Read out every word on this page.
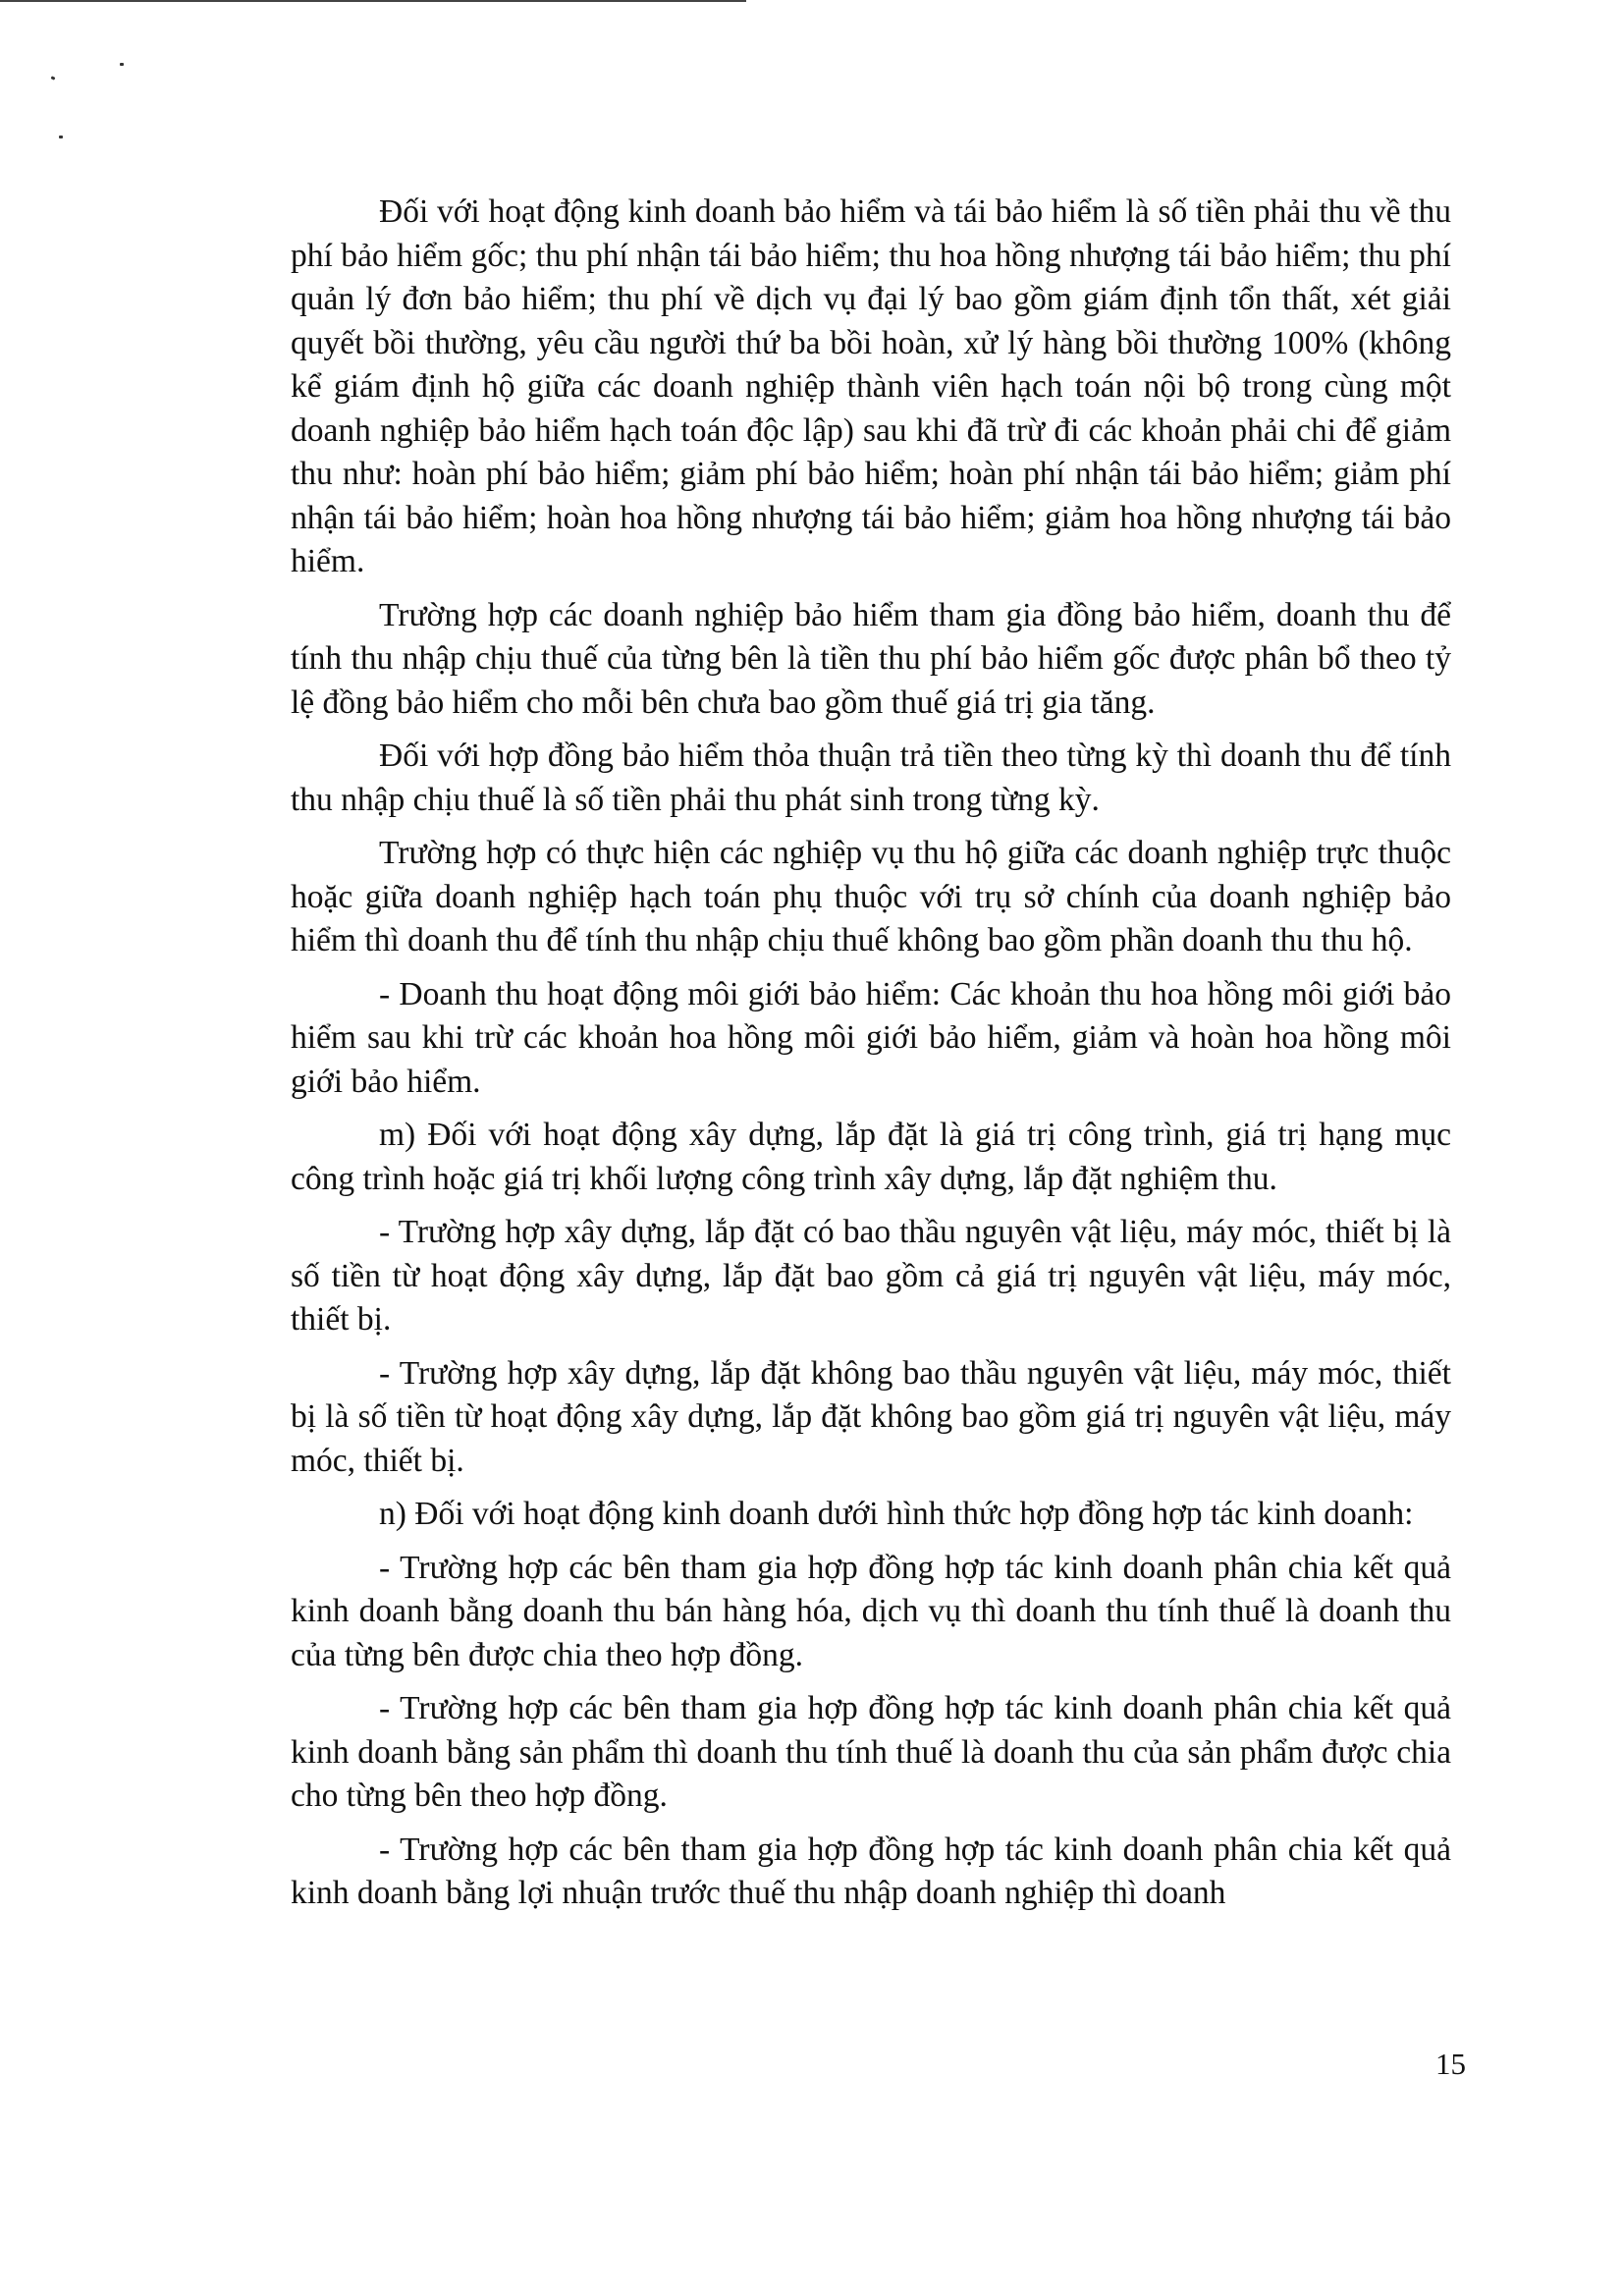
Đối với hoạt động kinh doanh bảo hiểm và tái bảo hiểm là số tiền phải thu về thu phí bảo hiểm gốc; thu phí nhận tái bảo hiểm; thu hoa hồng nhượng tái bảo hiểm; thu phí quản lý đơn bảo hiểm; thu phí về dịch vụ đại lý bao gồm giám định tổn thất, xét giải quyết bồi thường, yêu cầu người thứ ba bồi hoàn, xử lý hàng bồi thường 100% (không kể giám định hộ giữa các doanh nghiệp thành viên hạch toán nội bộ trong cùng một doanh nghiệp bảo hiểm hạch toán độc lập) sau khi đã trừ đi các khoản phải chi để giảm thu như: hoàn phí bảo hiểm; giảm phí bảo hiểm; hoàn phí nhận tái bảo hiểm; giảm phí nhận tái bảo hiểm; hoàn hoa hồng nhượng tái bảo hiểm; giảm hoa hồng nhượng tái bảo hiểm.

Trường hợp các doanh nghiệp bảo hiểm tham gia đồng bảo hiểm, doanh thu để tính thu nhập chịu thuế của từng bên là tiền thu phí bảo hiểm gốc được phân bổ theo tỷ lệ đồng bảo hiểm cho mỗi bên chưa bao gồm thuế giá trị gia tăng.

Đối với hợp đồng bảo hiểm thỏa thuận trả tiền theo từng kỳ thì doanh thu để tính thu nhập chịu thuế là số tiền phải thu phát sinh trong từng kỳ.

Trường hợp có thực hiện các nghiệp vụ thu hộ giữa các doanh nghiệp trực thuộc hoặc giữa doanh nghiệp hạch toán phụ thuộc với trụ sở chính của doanh nghiệp bảo hiểm thì doanh thu để tính thu nhập chịu thuế không bao gồm phần doanh thu thu hộ.

- Doanh thu hoạt động môi giới bảo hiểm: Các khoản thu hoa hồng môi giới bảo hiểm sau khi trừ các khoản hoa hồng môi giới bảo hiểm, giảm và hoàn hoa hồng môi giới bảo hiểm.

m) Đối với hoạt động xây dựng, lắp đặt là giá trị công trình, giá trị hạng mục công trình hoặc giá trị khối lượng công trình xây dựng, lắp đặt nghiệm thu.

- Trường hợp xây dựng, lắp đặt có bao thầu nguyên vật liệu, máy móc, thiết bị là số tiền từ hoạt động xây dựng, lắp đặt bao gồm cả giá trị nguyên vật liệu, máy móc, thiết bị.

- Trường hợp xây dựng, lắp đặt không bao thầu nguyên vật liệu, máy móc, thiết bị là số tiền từ hoạt động xây dựng, lắp đặt không bao gồm giá trị nguyên vật liệu, máy móc, thiết bị.

n) Đối với hoạt động kinh doanh dưới hình thức hợp đồng hợp tác kinh doanh:

- Trường hợp các bên tham gia hợp đồng hợp tác kinh doanh phân chia kết quả kinh doanh bằng doanh thu bán hàng hóa, dịch vụ thì doanh thu tính thuế là doanh thu của từng bên được chia theo hợp đồng.

- Trường hợp các bên tham gia hợp đồng hợp tác kinh doanh phân chia kết quả kinh doanh bằng sản phẩm thì doanh thu tính thuế là doanh thu của sản phẩm được chia cho từng bên theo hợp đồng.

- Trường hợp các bên tham gia hợp đồng hợp tác kinh doanh phân chia kết quả kinh doanh bằng lợi nhuận trước thuế thu nhập doanh nghiệp thì doanh

15
